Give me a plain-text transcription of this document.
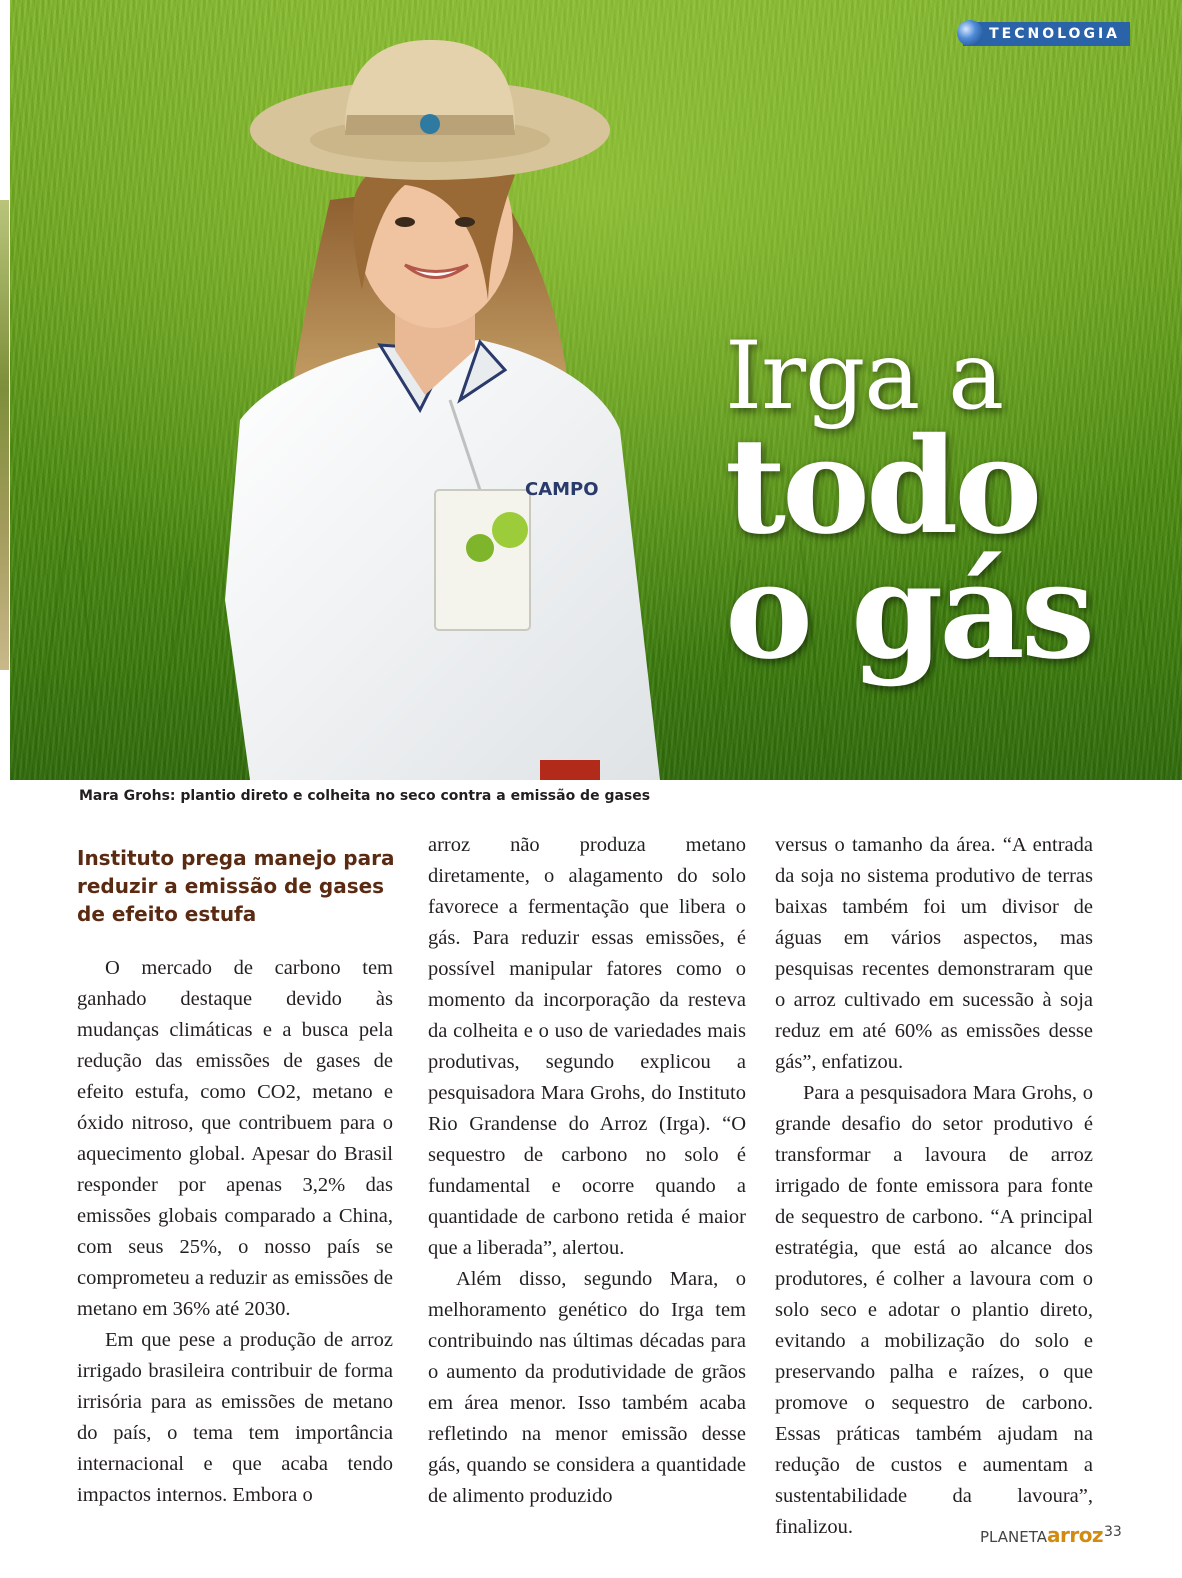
CAMPO
TECNOLOGIA
Irga a
todo
o gás
Mara Grohs: plantio direto e colheita no seco contra a emissão de gases
Instituto prega manejo para reduzir a emissão de gases de efeito estufa

O mercado de carbono tem ganhado destaque devido às mudanças climáticas e a busca pela redução das emissões de gases de efeito estufa, como CO2, metano e óxido nitroso, que contribuem para o aquecimento global. Apesar do Brasil responder por apenas 3,2% das emissões globais comparado a China, com seus 25%, o nosso país se comprometeu a reduzir as emissões de metano em 36% até 2030.

Em que pese a produção de arroz irrigado brasileira contribuir de forma irrisória para as emissões de metano do país, o tema tem importância internacional e que acaba tendo impactos internos. Embora o

arroz não produza metano diretamente, o alagamento do solo favorece a fermentação que libera o gás. Para reduzir essas emissões, é possível manipular fatores como o momento da incorporação da resteva da colheita e o uso de variedades mais produtivas, segundo explicou a pesquisadora Mara Grohs, do Instituto Rio Grandense do Arroz (Irga). “O sequestro de carbono no solo é fundamental e ocorre quando a quantidade de carbono retida é maior que a liberada”, alertou.

Além disso, segundo Mara, o melhoramento genético do Irga tem contribuindo nas últimas décadas para o aumento da produtividade de grãos em área menor. Isso também acaba refletindo na menor emissão desse gás, quando se considera a quantidade de alimento produzido

versus o tamanho da área. “A entrada da soja no sistema produtivo de terras baixas também foi um divisor de águas em vários aspectos, mas pesquisas recentes demonstraram que o arroz cultivado em sucessão à soja reduz em até 60% as emissões desse gás”, enfatizou.

Para a pesquisadora Mara Grohs, o grande desafio do setor produtivo é transformar a lavoura de arroz irrigado de fonte emissora para fonte de sequestro de carbono. “A principal estratégia, que está ao alcance dos produtores, é colher a lavoura com o solo seco e adotar o plantio direto, evitando a mobilização do solo e preservando palha e raízes, o que promove o sequestro de carbono. Essas práticas também ajudam na redução de custos e aumentam a sustentabilidade da lavoura”, finalizou.	PLANETAarroz 33
